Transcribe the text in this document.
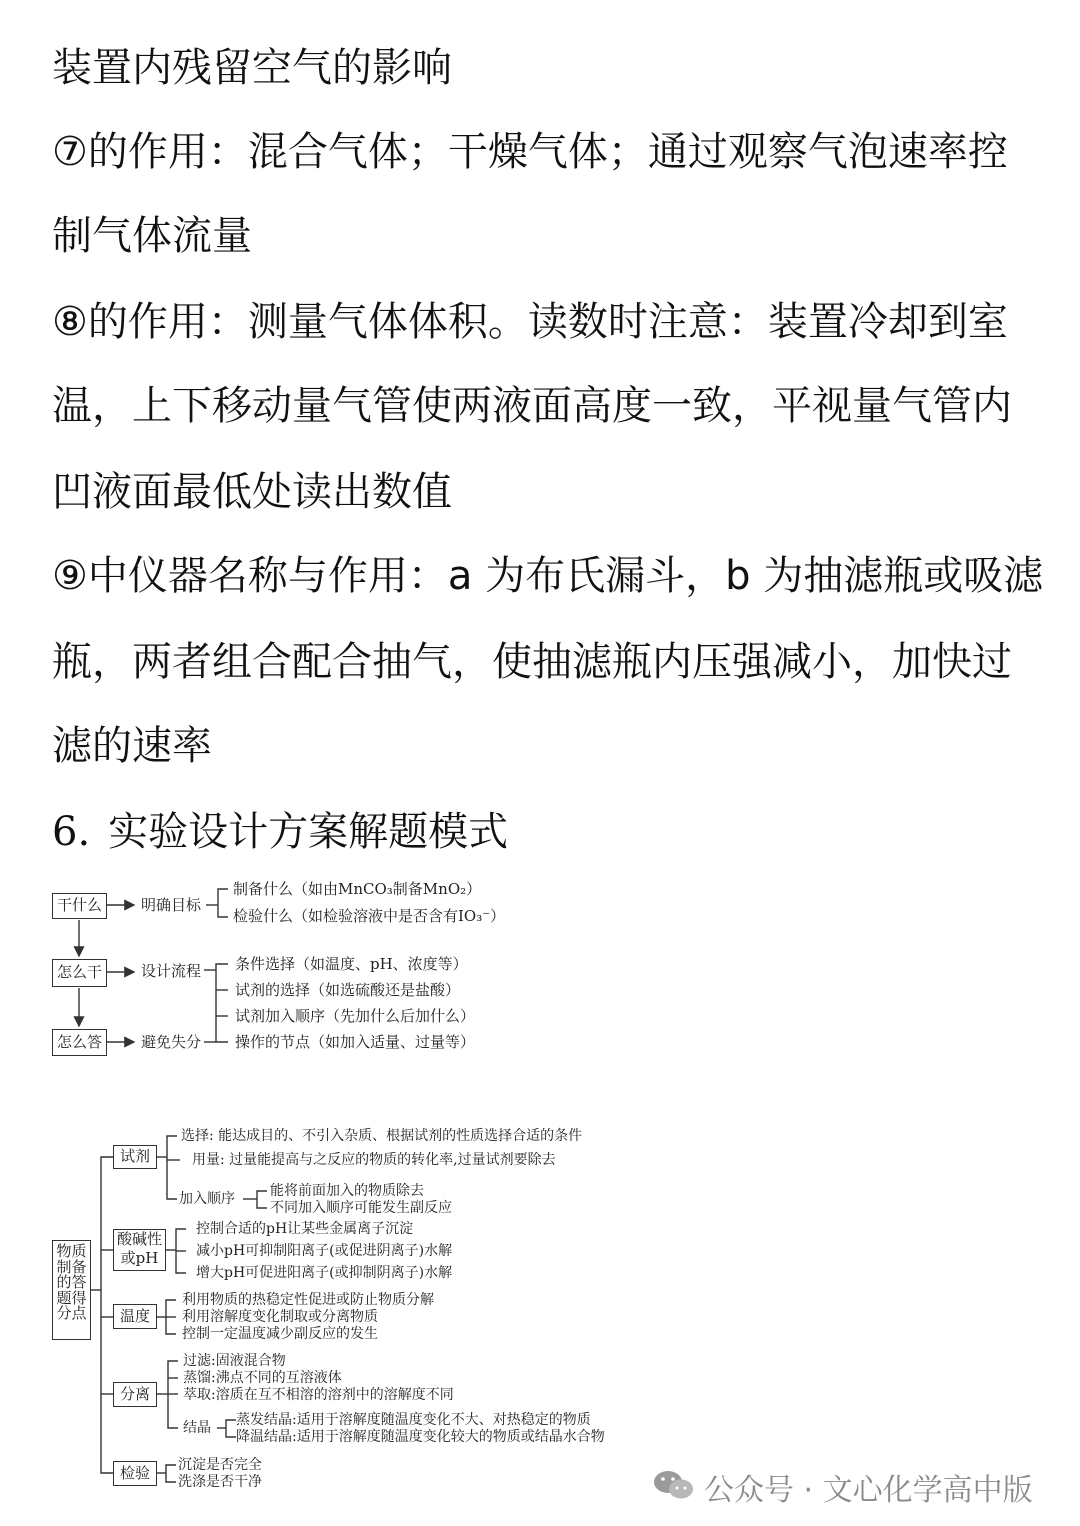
装置内残留空气的影响
⑦的作用：混合气体；干燥气体；通过观察气泡速率控
制气体流量
⑧的作用：测量气体体积。读数时注意：装置冷却到室
温，上下移动量气管使两液面高度一致，平视量气管内
凹液面最低处读出数值
⑨中仪器名称与作用：a 为布氏漏斗，b 为抽滤瓶或吸滤
瓶，两者组合配合抽气，使抽滤瓶内压强减小，加快过
滤的速率
6. 实验设计方案解题模式
干什么
怎么干
怎么答
明确目标
设计流程
避免失分
制备什么（如由MnCO₃制备MnO₂）
检验什么（如检验溶液中是否含有IO₃⁻）
条件选择（如温度、pH、浓度等）
试剂的选择（如选硫酸还是盐酸）
试剂加入顺序（先加什么后加什么）
操作的节点（如加入适量、过量等）
物质制备的答题得分点
试剂
酸碱性或pH
温度
分离
检验
选择: 能达成目的、不引入杂质、根据试剂的性质选择合适的条件
用量: 过量能提高与之反应的物质的转化率,过量试剂要除去
加入顺序	能将前面加入的物质除去
不同加入顺序可能发生副反应
控制合适的pH让某些金属离子沉淀
减小pH可抑制阳离子(或促进阴离子)水解
增大pH可促进阳离子(或抑制阴离子)水解
利用物质的热稳定性促进或防止物质分解
利用溶解度变化制取或分离物质
控制一定温度减少副反应的发生
过滤:固液混合物
蒸馏:沸点不同的互溶液体
萃取:溶质在互不相溶的溶剂中的溶解度不同
结晶 蒸发结晶:适用于溶解度随温度变化不大、对热稳定的物质
降温结晶:适用于溶解度随温度变化较大的物质或结晶水合物
沉淀是否完全
洗涤是否干净	公众号 · 文心化学高中版
